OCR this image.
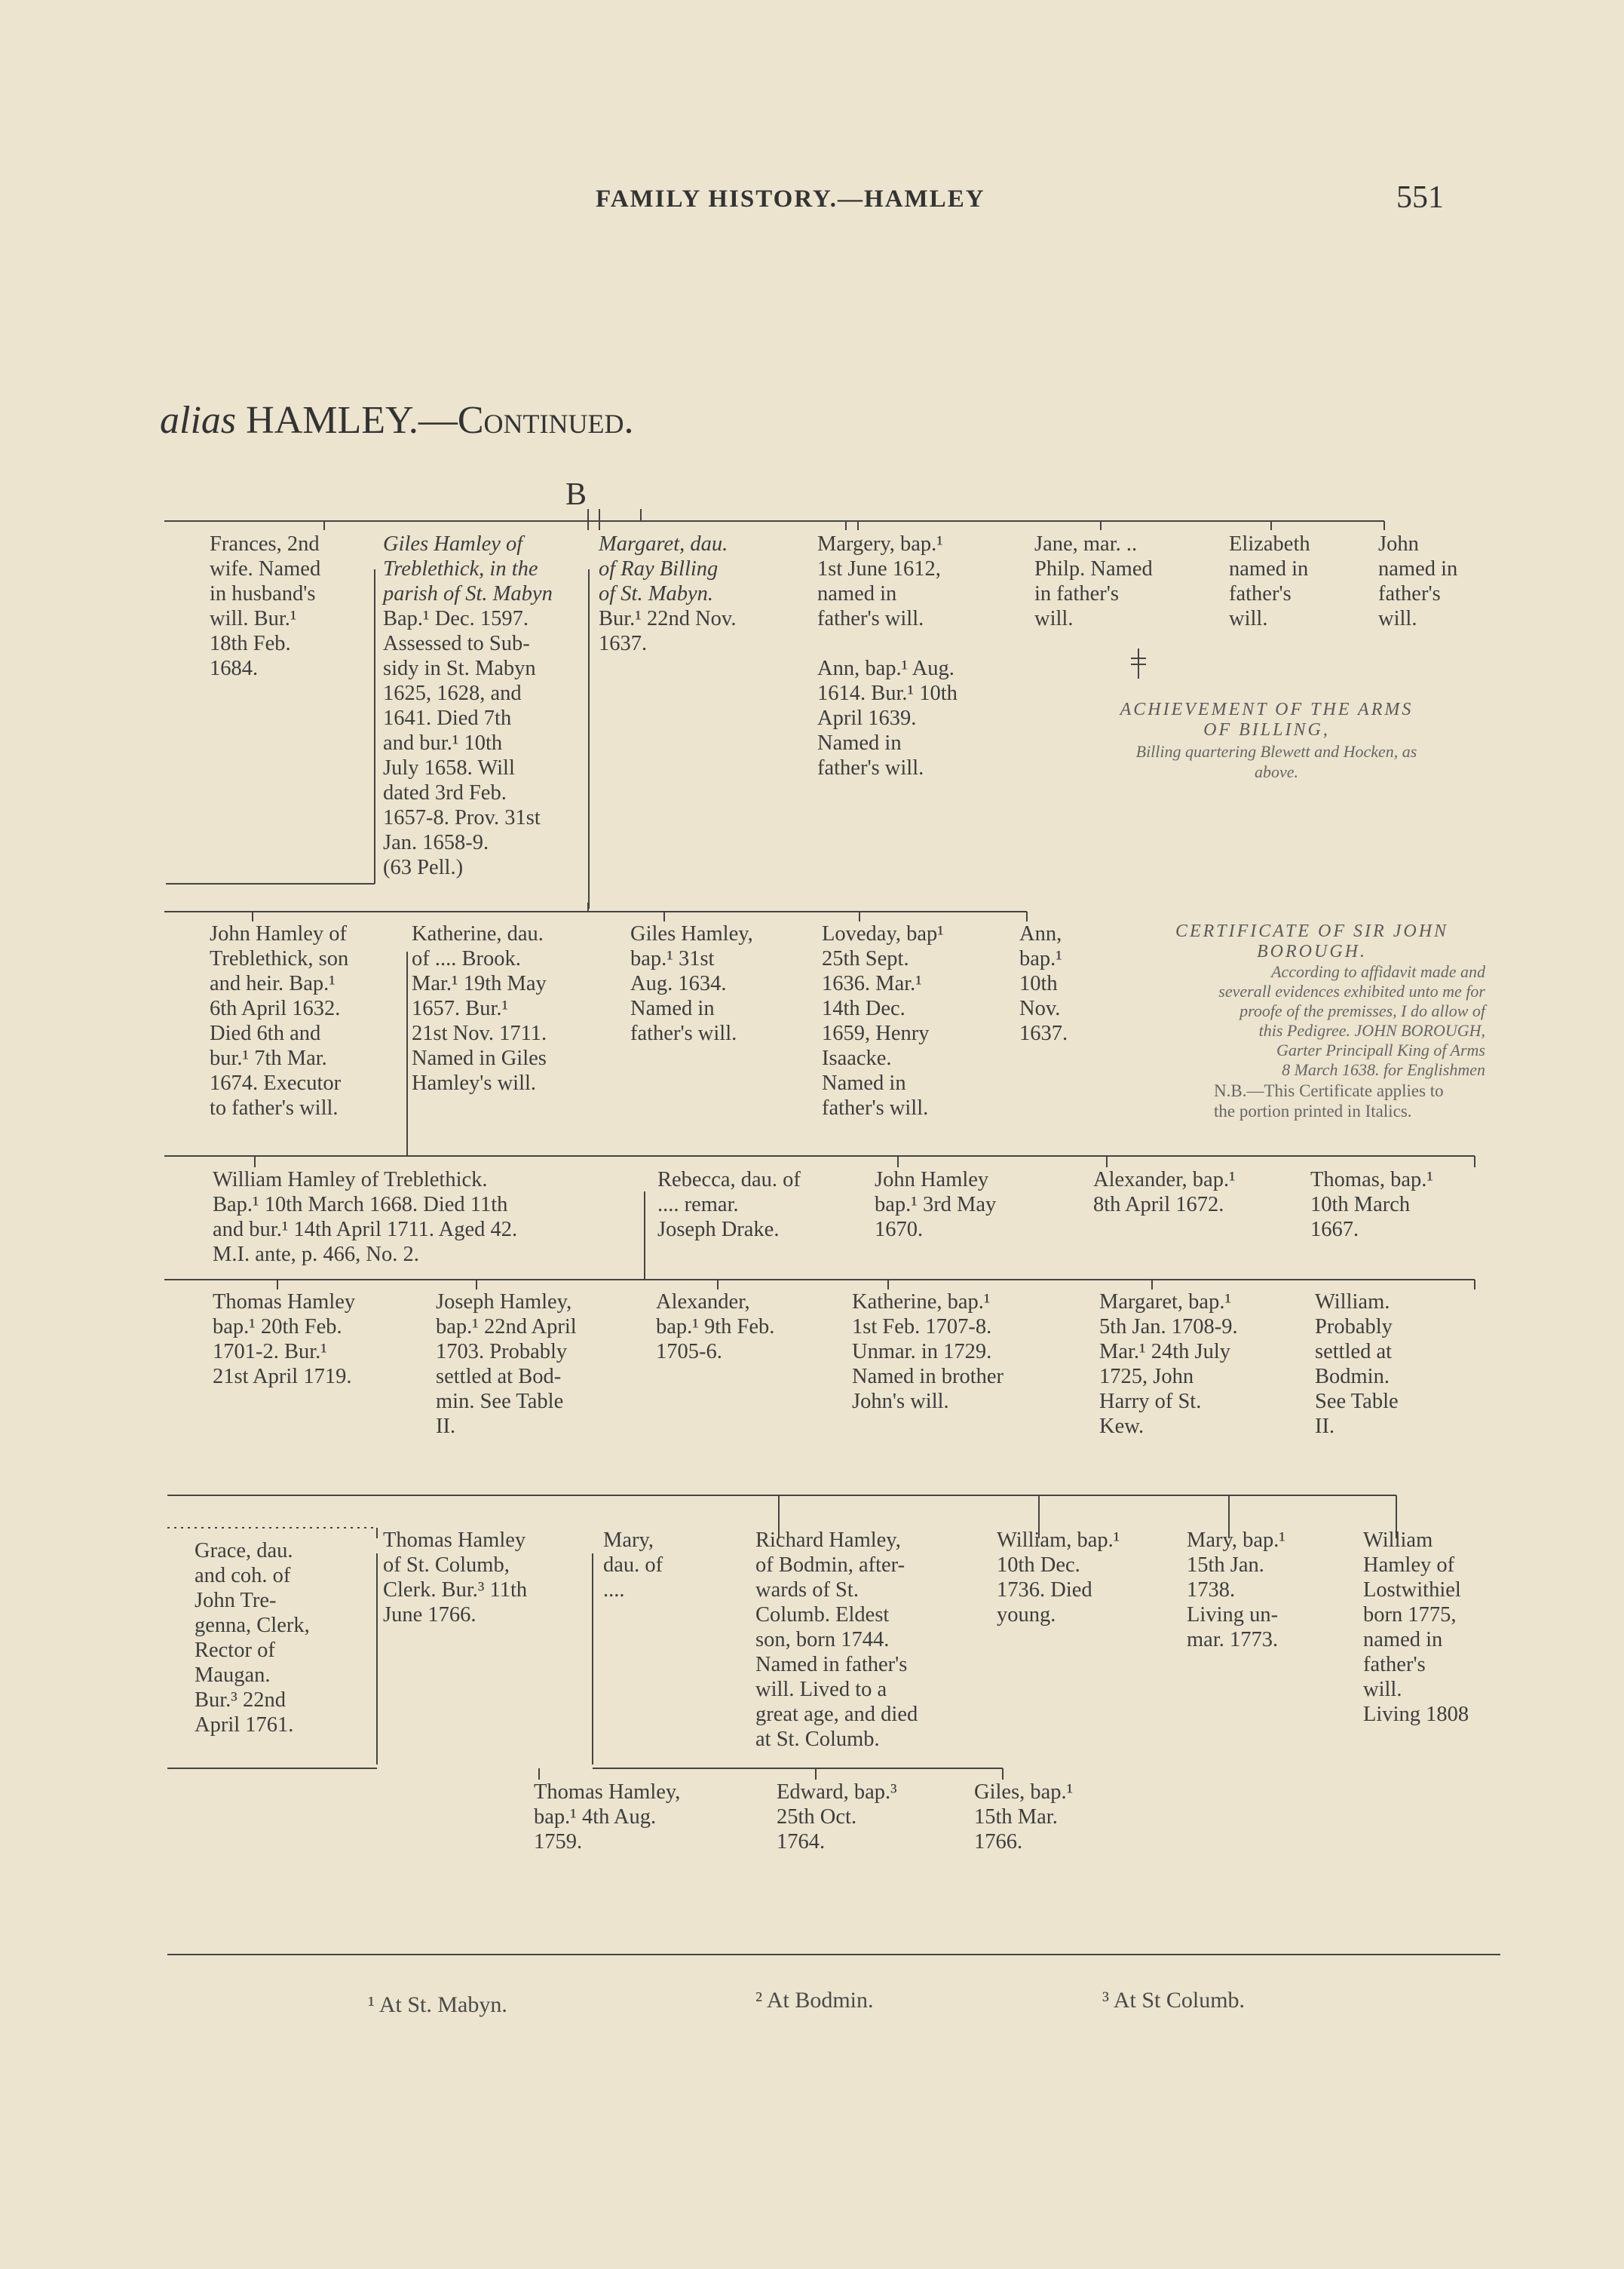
FAMILY HISTORY.—HAMLEY	551
alias HAMLEY.—Continued.
B
Frances, 2nd
wife. Named
in husband's
will. Bur.¹
18th Feb.
1684.
Giles Hamley of
Treblethick, in the
parish of St. Mabyn
Bap.¹ Dec. 1597.
Assessed to Sub-
sidy in St. Mabyn
1625, 1628, and
1641. Died 7th
and bur.¹ 10th
July 1658. Will
dated 3rd Feb.
1657-8. Prov. 31st
Jan. 1658-9.
(63 Pell.)
Margaret, dau.
of Ray Billing
of St. Mabyn.
Bur.¹ 22nd Nov.
1637.
Margery, bap.¹
1st June 1612,
named in
father's will.
Ann, bap.¹ Aug.
1614. Bur.¹ 10th
April 1639.
Named in
father's will.
Jane, mar. ..
Philp. Named
in father's
will.
Elizabeth
named in
father's
will.
John
named in
father's
will.
ACHIEVEMENT OF THE ARMS
OF BILLING,
Billing quartering Blewett and Hocken, as
above.
John Hamley of
Treblethick, son
and heir. Bap.¹
6th April 1632.
Died 6th and
bur.¹ 7th Mar.
1674. Executor
to father's will.
Katherine, dau.
of .... Brook.
Mar.¹ 19th May
1657. Bur.¹
21st Nov. 1711.
Named in Giles
Hamley's will.
Giles Hamley,
bap.¹ 31st
Aug. 1634.
Named in
father's will.
Loveday, bap¹
25th Sept.
1636. Mar.¹
14th Dec.
1659, Henry
Isaacke.
Named in
father's will.
Ann,
bap.¹
10th
Nov.
1637.
CERTIFICATE OF SIR JOHN
BOROUGH.
According to affidavit made and
severall evidences exhibited unto me for
proofe of the premisses, I do allow of
this Pedigree. JOHN BOROUGH,
Garter Principall King of Arms
8 March 1638. for Englishmen
N.B.—This Certificate applies to
the portion printed in Italics.
William Hamley of Treblethick.
Bap.¹ 10th March 1668. Died 11th
and bur.¹ 14th April 1711. Aged 42.
M.I. ante, p. 466, No. 2.
Rebecca, dau. of
.... remar.
Joseph Drake.
John Hamley
bap.¹ 3rd May
1670.
Alexander, bap.¹
8th April 1672.
Thomas, bap.¹
10th March
1667.
Thomas Hamley
bap.¹ 20th Feb.
1701-2. Bur.¹
21st April 1719.
Joseph Hamley,
bap.¹ 22nd April
1703. Probably
settled at Bod-
min. See Table
II.
Alexander,
bap.¹ 9th Feb.
1705-6.
Katherine, bap.¹
1st Feb. 1707-8.
Unmar. in 1729.
Named in brother
John's will.
Margaret, bap.¹
5th Jan. 1708-9.
Mar.¹ 24th July
1725, John
Harry of St.
Kew.
William.
Probably
settled at
Bodmin.
See Table
II.
Grace, dau.
and coh. of
John Tre-
genna, Clerk,
Rector of
Maugan.
Bur.³ 22nd
April 1761.
Thomas Hamley
of St. Columb,
Clerk. Bur.³ 11th
June 1766.
Mary,
dau. of
....
Richard Hamley,
of Bodmin, after-
wards of St.
Columb. Eldest
son, born 1744.
Named in father's
will. Lived to a
great age, and died
at St. Columb.
William, bap.¹
10th Dec.
1736. Died
young.
Mary, bap.¹
15th Jan.
1738.
Living un-
mar. 1773.
William
Hamley of
Lostwithiel
born 1775,
named in
father's
will.
Living 1808
Thomas Hamley,
bap.¹ 4th Aug.
1759.
Edward, bap.³
25th Oct.
1764.
Giles, bap.¹
15th Mar.
1766.
¹ At St. Mabyn.	² At Bodmin.	³ At St Columb.
